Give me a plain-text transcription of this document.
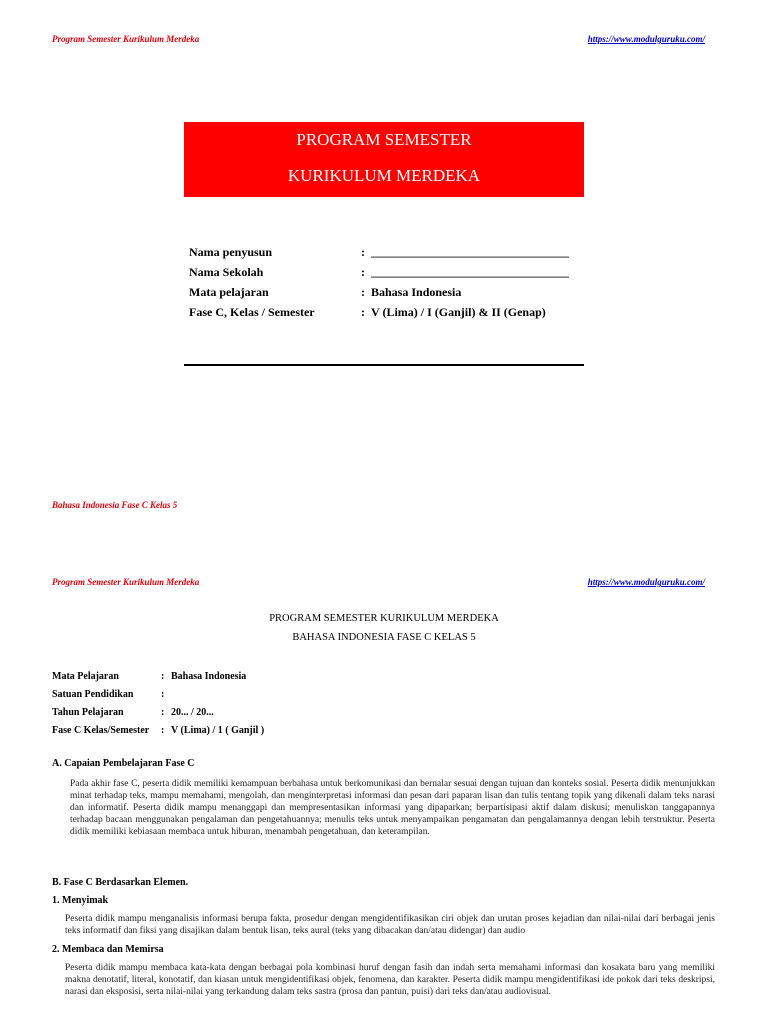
Program Semester Kurikulum Merdeka	https://www.modulguruku.com/
PROGRAM SEMESTER
KURIKULUM MERDEKA
Nama penyusun	: _________________________________
Nama Sekolah	: _________________________________
Mata pelajaran	: Bahasa Indonesia
Fase C, Kelas / Semester	: V (Lima) / I (Ganjil) & II (Genap)
Bahasa Indonesia Fase C Kelas 5
Program Semester Kurikulum Merdeka	https://www.modulguruku.com/
PROGRAM SEMESTER KURIKULUM MERDEKA
BAHASA INDONESIA FASE C KELAS 5
Mata Pelajaran	: Bahasa Indonesia
Satuan Pendidikan	:
Tahun Pelajaran	: 20... / 20...
Fase C Kelas/Semester : V (Lima) / 1 ( Ganjil )
A. Capaian Pembelajaran Fase C
Pada akhir fase C, peserta didik memiliki kemampuan berbahasa untuk berkomunikasi dan bernalar sesuai dengan tujuan dan konteks sosial. Peserta didik menunjukkan minat terhadap teks, mampu memahami, mengolah, dan menginterpretasi informasi dan pesan dari paparan lisan dan tulis tentang topik yang dikenali dalam teks narasi dan informatif. Peserta didik mampu menanggapi dan mempresentasikan informasi yang dipaparkan; berpartisipasi aktif dalam diskusi; menuliskan tanggapannya terhadap bacaan menggunakan pengalaman dan pengetahuannya; menulis teks untuk menyampaikan pengamatan dan pengalamannya dengan lebih terstruktur. Peserta didik memiliki kebiasaan membaca untuk hiburan, menambah pengetahuan, dan keterampilan.
B. Fase C Berdasarkan Elemen.
1. Menyimak
Peserta didik mampu menganalisis informasi berupa fakta, prosedur dengan mengidentifikasikan ciri objek dan urutan proses kejadian dan nilai-nilai dari berbagai jenis teks informatif dan fiksi yang disajikan dalam bentuk lisan, teks aural (teks yang dibacakan dan/atau didengar) dan audio
2. Membaca dan Memirsa
Peserta didik mampu membaca kata-kata dengan berbagai pola kombinasi huruf dengan fasih dan indah serta memahami informasi dan kosakata baru yang memiliki makna denotatif, literal, konotatif, dan kiasan untuk mengidentifikasi objek, fenomena, dan karakter. Peserta didik mampu mengidentifikasi ide pokok dari teks deskripsi, narasi dan eksposisi, serta nilai-nilai yang terkandung dalam teks sastra (prosa dan pantun, puisi) dari teks dan/atau audiovisual.
